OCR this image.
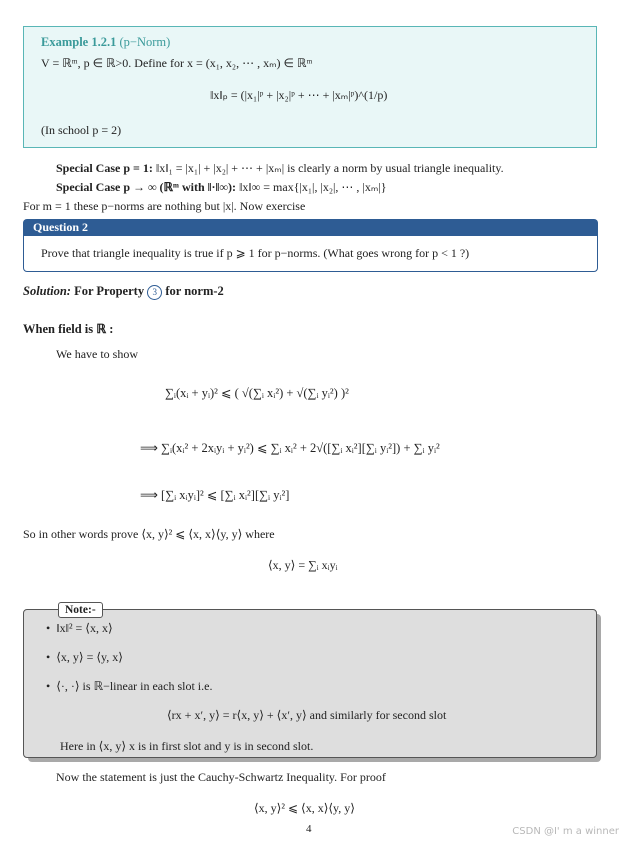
Example 1.2.1 (p−Norm)
V = ℝᵐ, p ∈ ℝ>0. Define for x = (x₁, x₂, ⋯ , xₘ) ∈ ℝᵐ
‖x‖ₚ = (|x₁|ᵖ + |x₂|ᵖ + ⋯ + |xₘ|ᵖ)^(1/p)
(In school p = 2)
Special Case p = 1: ‖x‖₁ = |x₁| + |x₂| + ⋯ + |xₘ| is clearly a norm by usual triangle inequality.
Special Case p → ∞ (ℝᵐ with ‖·‖∞): ‖x‖∞ = max{|x₁|, |x₂|, ⋯ , |xₘ|}
For m = 1 these p−norms are nothing but |x|. Now exercise
Question 2
Prove that triangle inequality is true if p ⩾ 1 for p−norms. (What goes wrong for p < 1 ?)
Solution: For Property 3 for norm-2
When field is ℝ :
We have to show
∑ᵢ(xᵢ + yᵢ)² ⩽ ( √(∑ᵢ xᵢ²) + √(∑ᵢ yᵢ²) )²
⟹ ∑ᵢ(xᵢ² + 2xᵢyᵢ + yᵢ²) ⩽ ∑ᵢ xᵢ² + 2√([∑ᵢ xᵢ²][∑ᵢ yᵢ²]) + ∑ᵢ yᵢ²
⟹ [∑ᵢ xᵢyᵢ]² ⩽ [∑ᵢ xᵢ²][∑ᵢ yᵢ²]
So in other words prove ⟨x, y⟩² ⩽ ⟨x, x⟩⟨y, y⟩ where
⟨x, y⟩ = ∑ᵢ xᵢyᵢ
Note:-
•  ‖x‖² = ⟨x, x⟩
•  ⟨x, y⟩ = ⟨y, x⟩
•  ⟨·, ·⟩ is ℝ−linear in each slot i.e.
⟨rx + x′, y⟩ = r⟨x, y⟩ + ⟨x′, y⟩ and similarly for second slot
Here in ⟨x, y⟩ x is in first slot and y is in second slot.
Now the statement is just the Cauchy-Schwartz Inequality. For proof
⟨x, y⟩² ⩽ ⟨x, x⟩⟨y, y⟩
4	CSDN @I' m a winner
